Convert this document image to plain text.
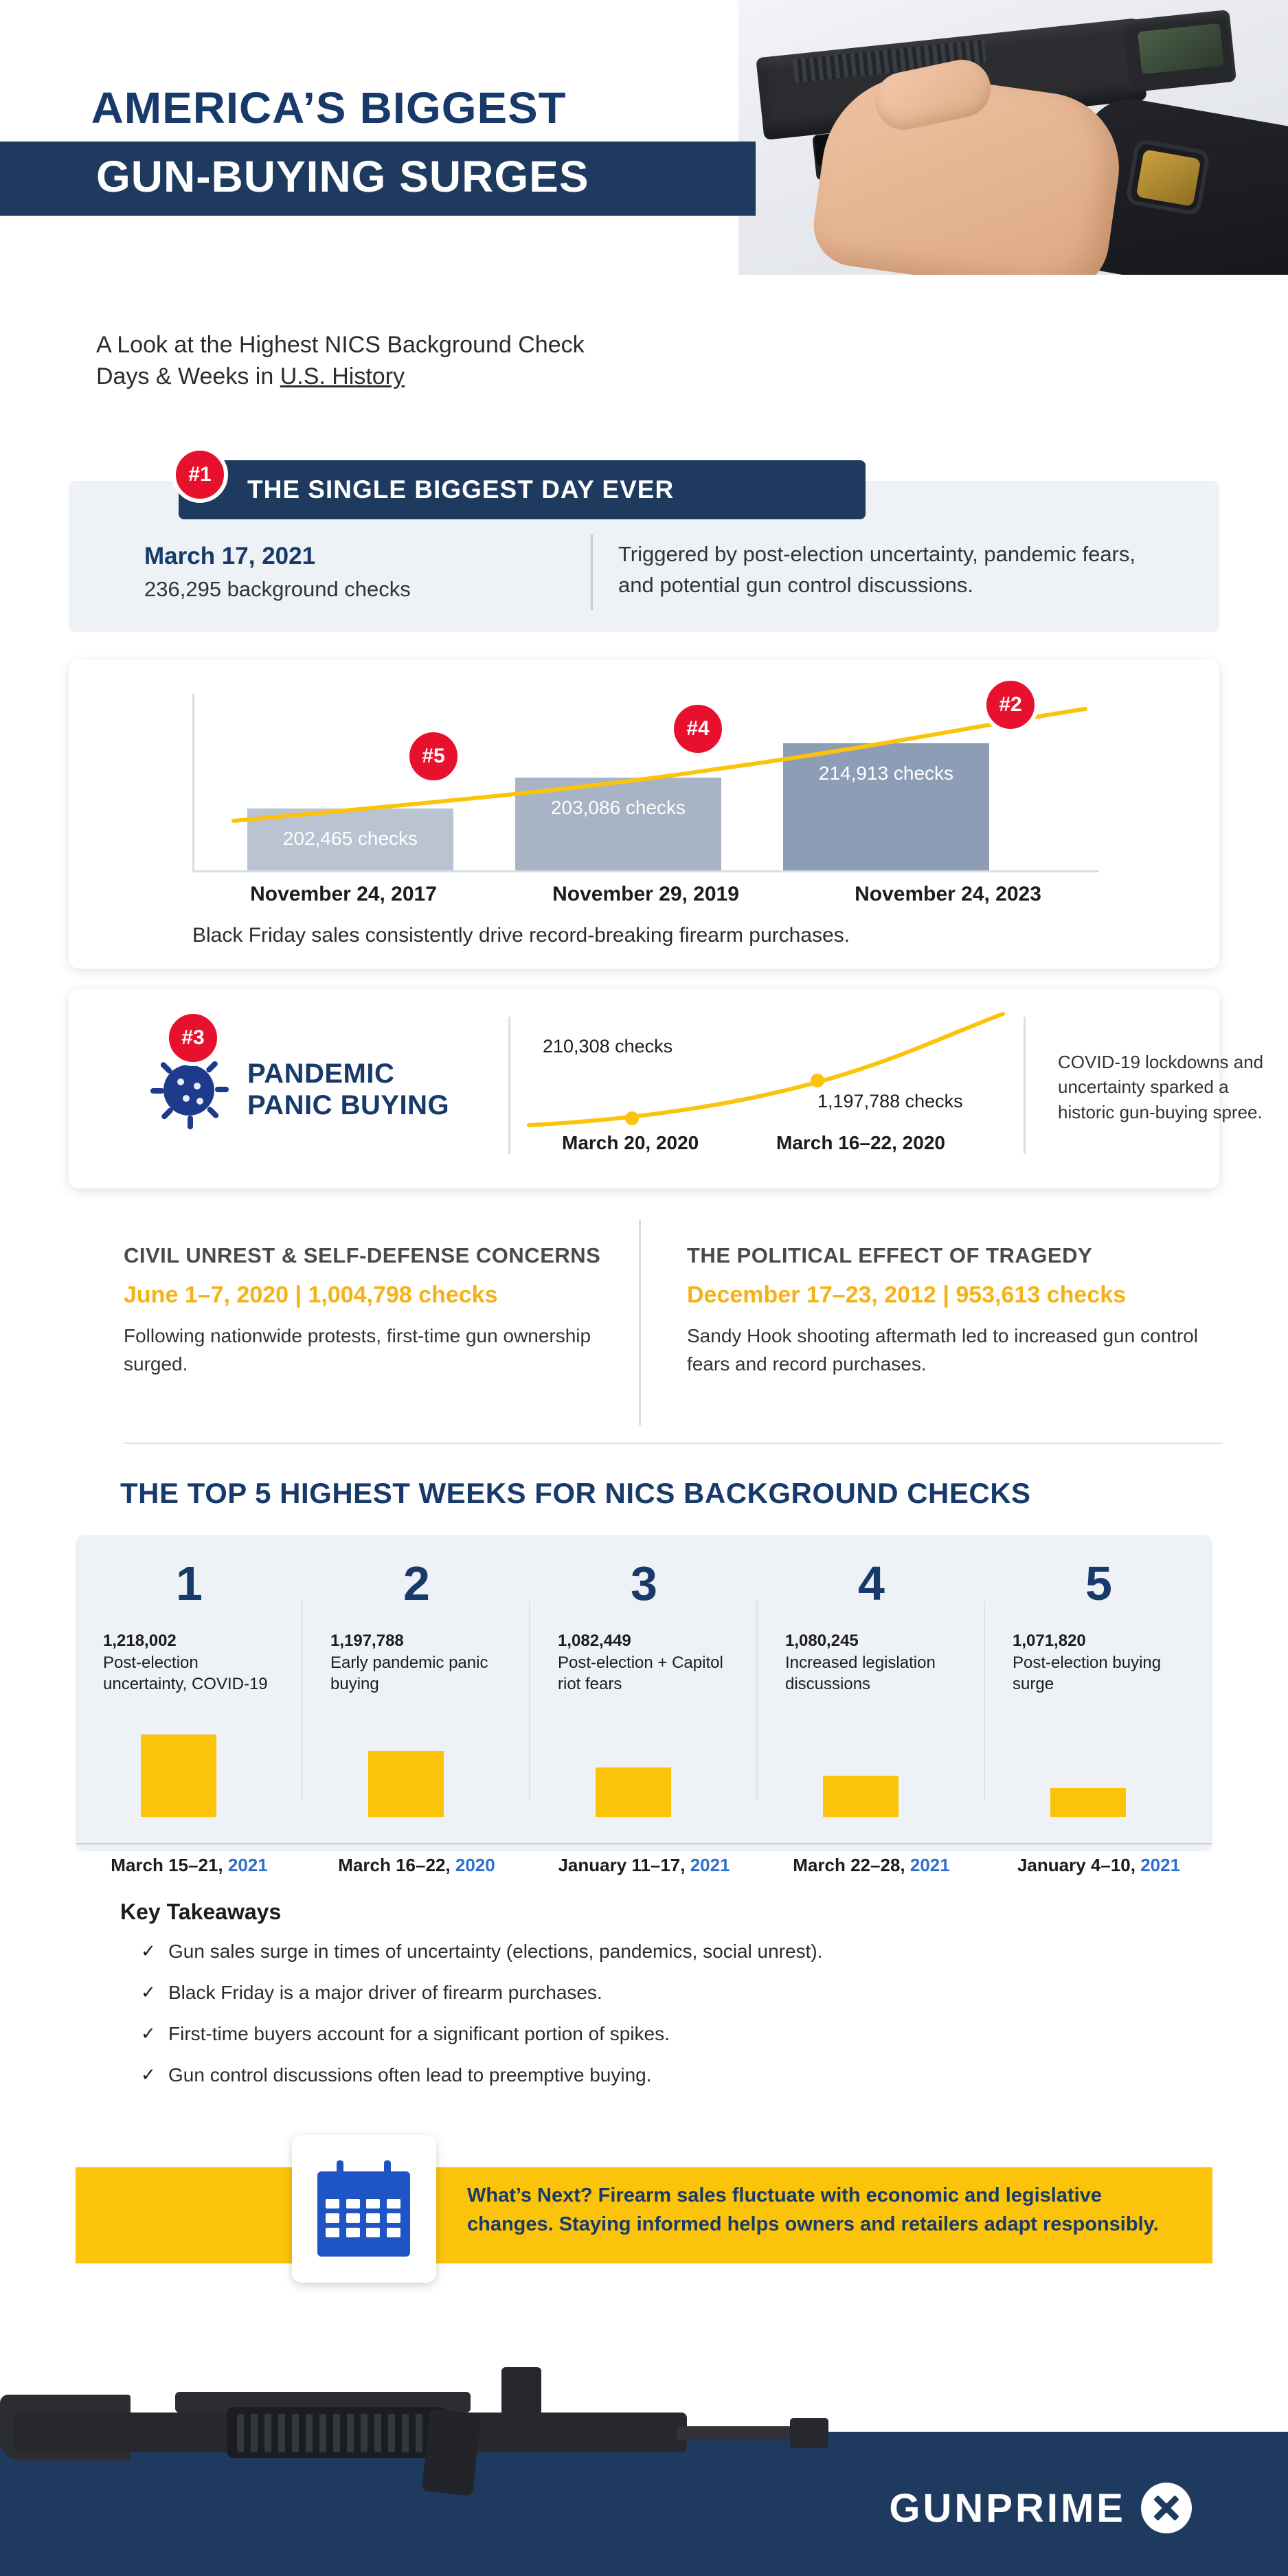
AMERICA’S BIGGEST
GUN-BUYING SURGES
A Look at the Highest NICS Background Check
Days & Weeks in U.S. History
THE SINGLE BIGGEST DAY EVER
#1
March 17, 2021
236,295 background checks
Triggered by post-election uncertainty, pandemic fears, and potential gun control discussions.
202,465 checks
203,086 checks
214,913 checks
November 24, 2017	November 29, 2019	November 24, 2023
Black Friday sales consistently drive record-breaking firearm purchases.
#5
#4
#2
PANDEMIC
PANIC BUYING
210,308 checks
1,197,788 checks
March 20, 2020	March 16–22, 2020
COVID-19 lockdowns and uncertainty sparked a historic gun-buying spree.
#3
CIVIL UNREST & SELF-DEFENSE CONCERNS
June 1–7, 2020 | 1,004,798 checks
Following nationwide protests, first-time gun ownership surged.
THE POLITICAL EFFECT OF TRAGEDY
December 17–23, 2012 | 953,613 checks
Sandy Hook shooting aftermath led to increased gun control fears and record purchases.
THE TOP 5 HIGHEST WEEKS FOR NICS BACKGROUND CHECKS
1
1,218,002
Post-election uncertainty, COVID-19
2
1,197,788
Early pandemic panic buying
3
1,082,449
Post-election + Capitol riot fears
4
1,080,245
Increased legislation discussions
5
1,071,820
Post-election buying surge
March 15–21, 2021	March 16–22, 2020	January 11–17, 2021	March 22–28, 2021	January 4–10, 2021
Key Takeaways
✓ Gun sales surge in times of uncertainty (elections, pandemics, social unrest).
✓ Black Friday is a major driver of firearm purchases.
✓ First-time buyers account for a significant portion of spikes.
✓ Gun control discussions often lead to preemptive buying.
What’s Next? Firearm sales fluctuate with economic and legislative changes. Staying informed helps owners and retailers adapt responsibly.
GUNPRIME
